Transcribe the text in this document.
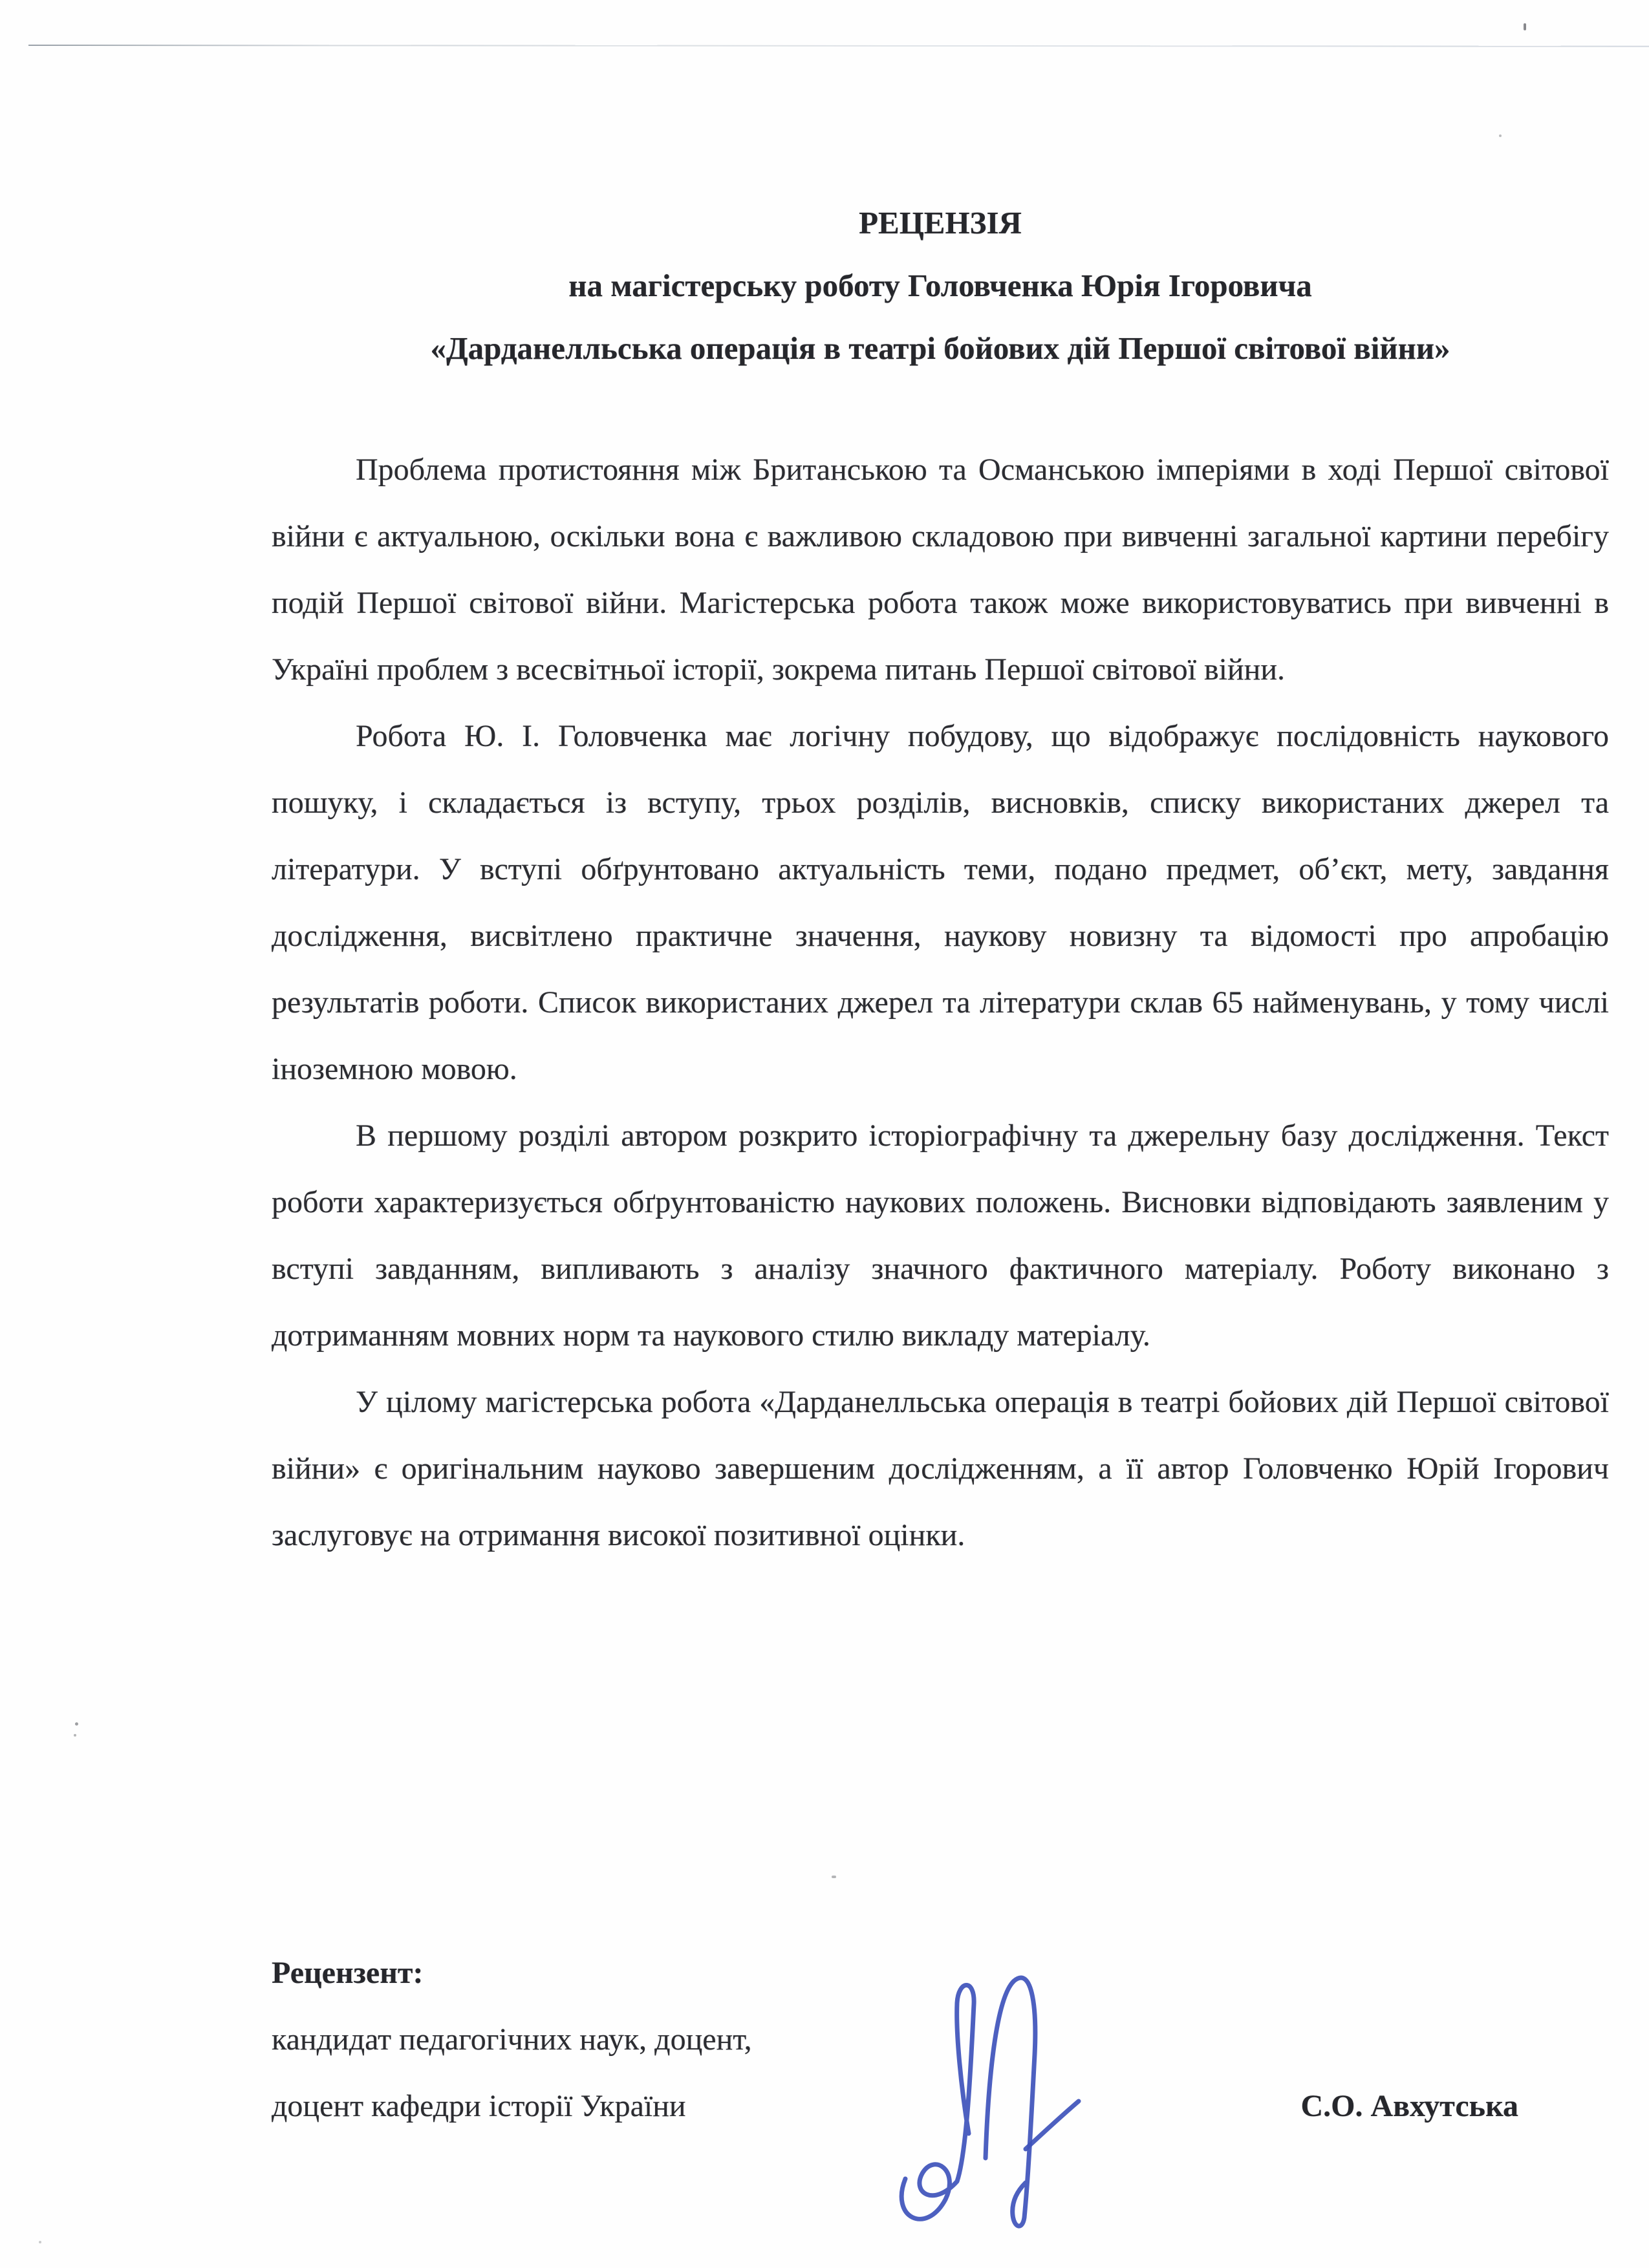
РЕЦЕНЗІЯ
на магістерську роботу Головченка Юрія Ігоровича
«Дарданелльська операція в театрі бойових дій Першої світової війни»

Проблема протистояння між Британською та Османською імперіями в ході Першої світової війни є актуальною, оскільки вона є важливою складовою при вивченні загальної картини перебігу подій Першої світової війни. Магістерська робота також може використовуватись при вивченні в Україні проблем з всесвітньої історії, зокрема питань Першої світової війни.

Робота Ю. І. Головченка має логічну побудову, що відображує послідовність наукового пошуку, і складається із вступу, трьох розділів, висновків, списку використаних джерел та літератури. У вступі обґрунтовано актуальність теми, подано предмет, об’єкт, мету, завдання дослідження, висвітлено практичне значення, наукову новизну та відомості про апробацію результатів роботи. Список використаних джерел та літератури склав 65 найменувань, у тому числі іноземною мовою.

В першому розділі автором розкрито історіографічну та джерельну базу дослідження. Текст роботи характеризується обґрунтованістю наукових положень. Висновки відповідають заявленим у вступі завданням, випливають з аналізу значного фактичного матеріалу. Роботу виконано з дотриманням мовних норм та наукового стилю викладу матеріалу.

У цілому магістерська робота «Дарданелльська операція в театрі бойових дій Першої світової війни» є оригінальним науково завершеним дослідженням, а її автор Головченко Юрій Ігорович заслуговує на отримання високої позитивної оцінки.

Рецензент:
кандидат педагогічних наук, доцент,
доцент кафедри історії України	С.О. Авхутська
